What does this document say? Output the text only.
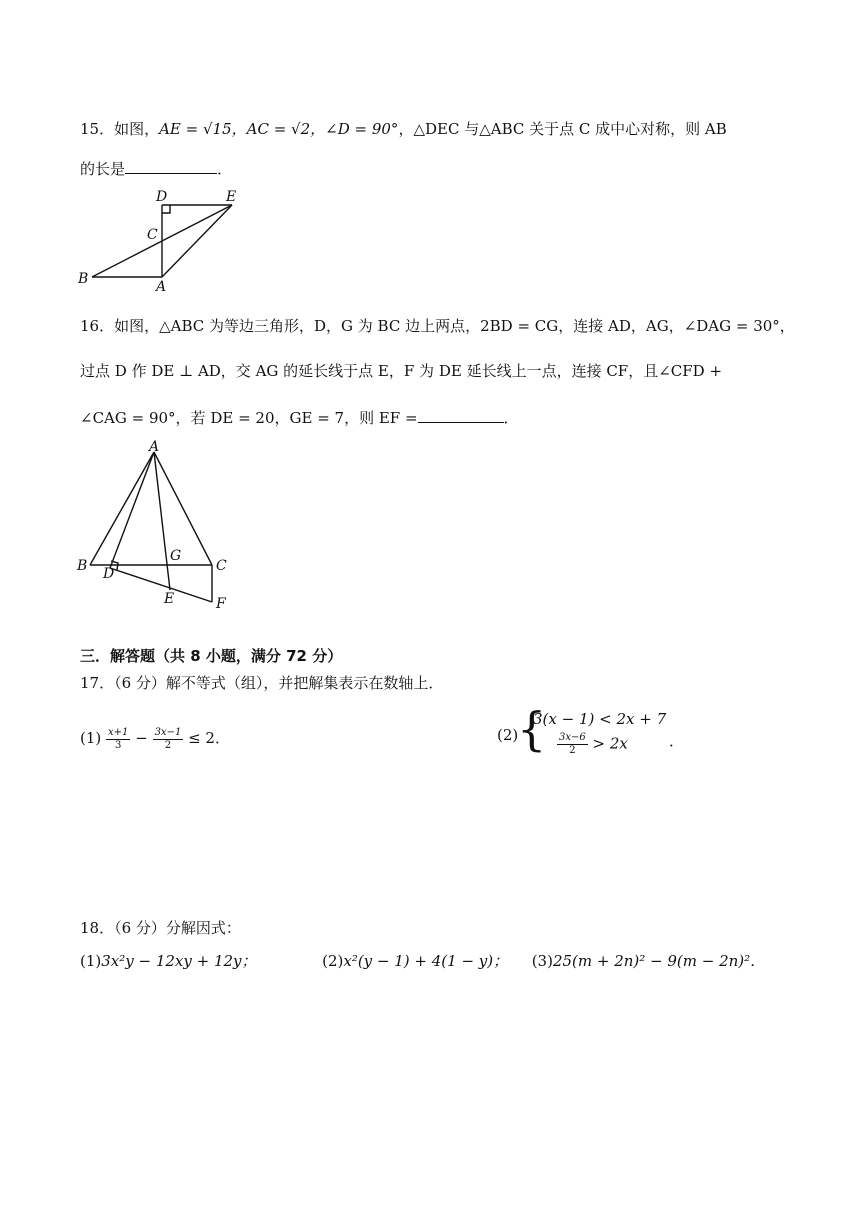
15．如图，AE = √15，AC = √2，∠D = 90°，△DEC 与△ABC 关于点 C 成中心对称，则 AB
的长是	．
D	E
C
B	A
16．如图，△ABC 为等边三角形，D，G 为 BC 边上两点，2BD = CG，连接 AD，AG，∠DAG = 30°，
过点 D 作 DE ⊥ AD，交 AG 的延长线于点 E，F 为 DE 延长线上一点，连接 CF，且∠CFD +
∠CAG = 90°，若 DE = 20，GE = 7，则 EF =	．
A
B D
G
C
E	F
三．解答题（共 8 小题，满分 72 分）
17．（6 分）解不等式（组），并把解集表示在数轴上．
$(1) \frac{x+1}{3} - \frac{3x-1}{2} \le 2$．	(2)
{
3(x − 1) < 2x + 7
$\frac{3x-6}{2} > 2x$	．
18．（6 分）分解因式：
(1)3x²y − 12xy + 12y；	(2)x²(y − 1) + 4(1 − y)； (3)25(m + 2n)² − 9(m − 2n)²．
